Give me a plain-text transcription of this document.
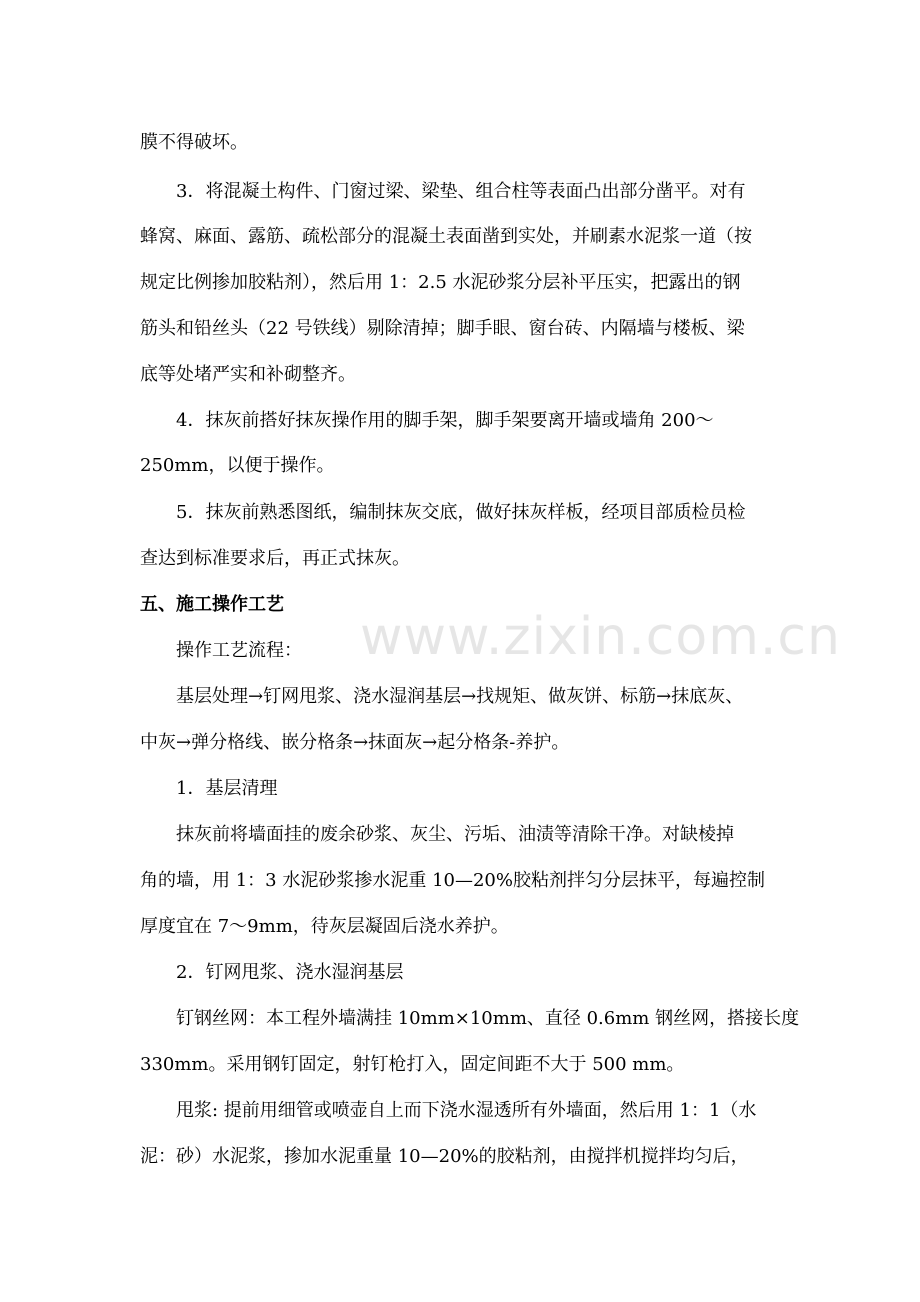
www.zixin.com.cn
膜不得破坏。
3．将混凝土构件、门窗过梁、梁垫、组合柱等表面凸出部分凿平。对有
蜂窝、麻面、露筋、疏松部分的混凝土表面凿到实处，并刷素水泥浆一道（按
规定比例掺加胶粘剂），然后用 1：2.5 水泥砂浆分层补平压实，把露出的钢
筋头和铅丝头（22 号铁线）剔除清掉；脚手眼、窗台砖、内隔墙与楼板、梁
底等处堵严实和补砌整齐。
4．抹灰前搭好抹灰操作用的脚手架，脚手架要离开墙或墙角 200～
250mm，以便于操作。
5．抹灰前熟悉图纸，编制抹灰交底，做好抹灰样板，经项目部质检员检
查达到标准要求后，再正式抹灰。
五、施工操作工艺
操作工艺流程：
基层处理→钉网甩浆、浇水湿润基层→找规矩、做灰饼、标筋→抹底灰、
中灰→弹分格线、嵌分格条→抹面灰→起分格条-养护。
1．基层清理
抹灰前将墙面挂的废余砂浆、灰尘、污垢、油渍等清除干净。对缺棱掉
角的墙，用 1：3 水泥砂浆掺水泥重 10—20%胶粘剂拌匀分层抹平，每遍控制
厚度宜在 7～9mm，待灰层凝固后浇水养护。
2．钉网甩浆、浇水湿润基层
钉钢丝网：本工程外墙满挂 10mm×10mm、直径 0.6mm 钢丝网，搭接长度
330mm。采用钢钉固定，射钉枪打入，固定间距不大于 500 mm。
甩浆: 提前用细管或喷壶自上而下浇水湿透所有外墙面，然后用 1：1（水
泥：砂）水泥浆，掺加水泥重量 10—20%的胶粘剂，由搅拌机搅拌均匀后，
